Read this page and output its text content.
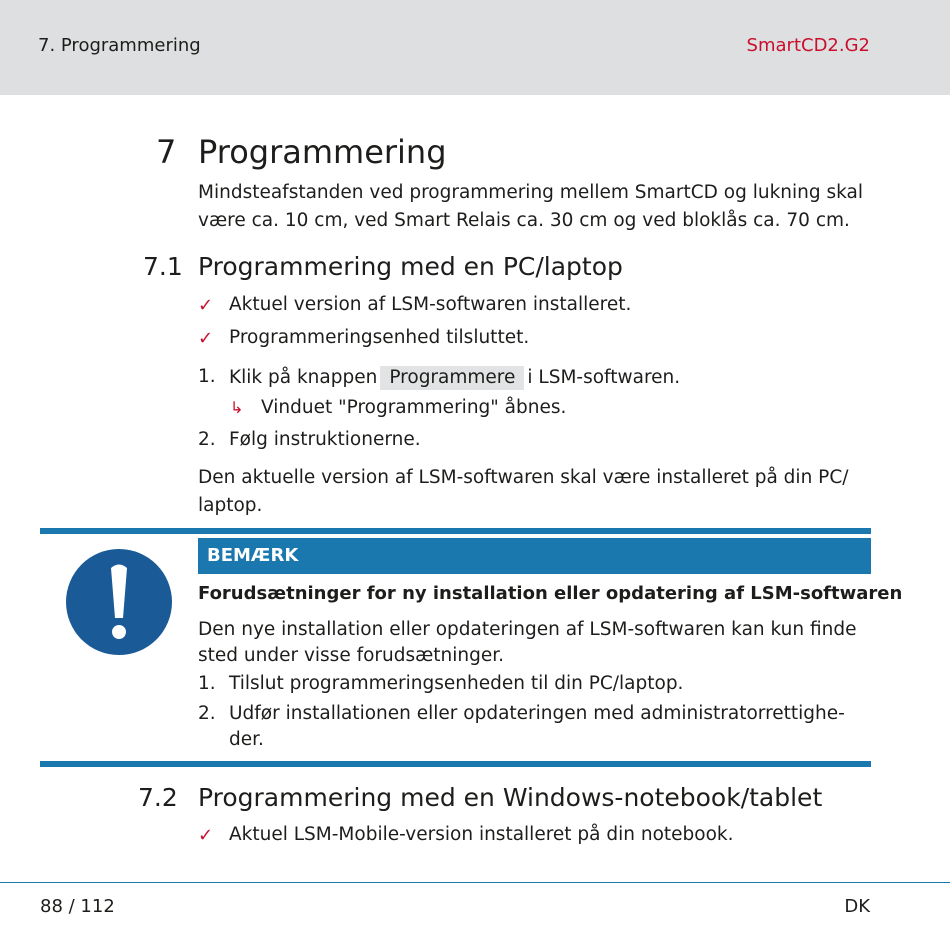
7. Programmering	SmartCD2.G2
7 Programmering
Mindsteafstanden ved programmering mellem SmartCD og lukning skal
være ca. 10 cm, ved Smart Relais ca. 30 cm og ved bloklås ca. 70 cm.
7.1 Programmering med en PC/laptop
✓ Aktuel version af LSM-softwaren installeret.
✓ Programmeringsenhed tilsluttet.
1. Klik på knappen Programmere i LSM-softwaren.
↳ Vinduet "Programmering" åbnes.
2. Følg instruktionerne.
Den aktuelle version af LSM-softwaren skal være installeret på din PC/
laptop.
BEMÆRK
Forudsætninger for ny installation eller opdatering af LSM-softwaren
Den nye installation eller opdateringen af LSM-softwaren kan kun finde
sted under visse forudsætninger.
1. Tilslut programmeringsenheden til din PC/laptop.
2. Udfør installationen eller opdateringen med administratorrettighe-
der.
7.2 Programmering med en Windows-notebook/tablet
✓ Aktuel LSM-Mobile-version installeret på din notebook.
88 / 112	DK
